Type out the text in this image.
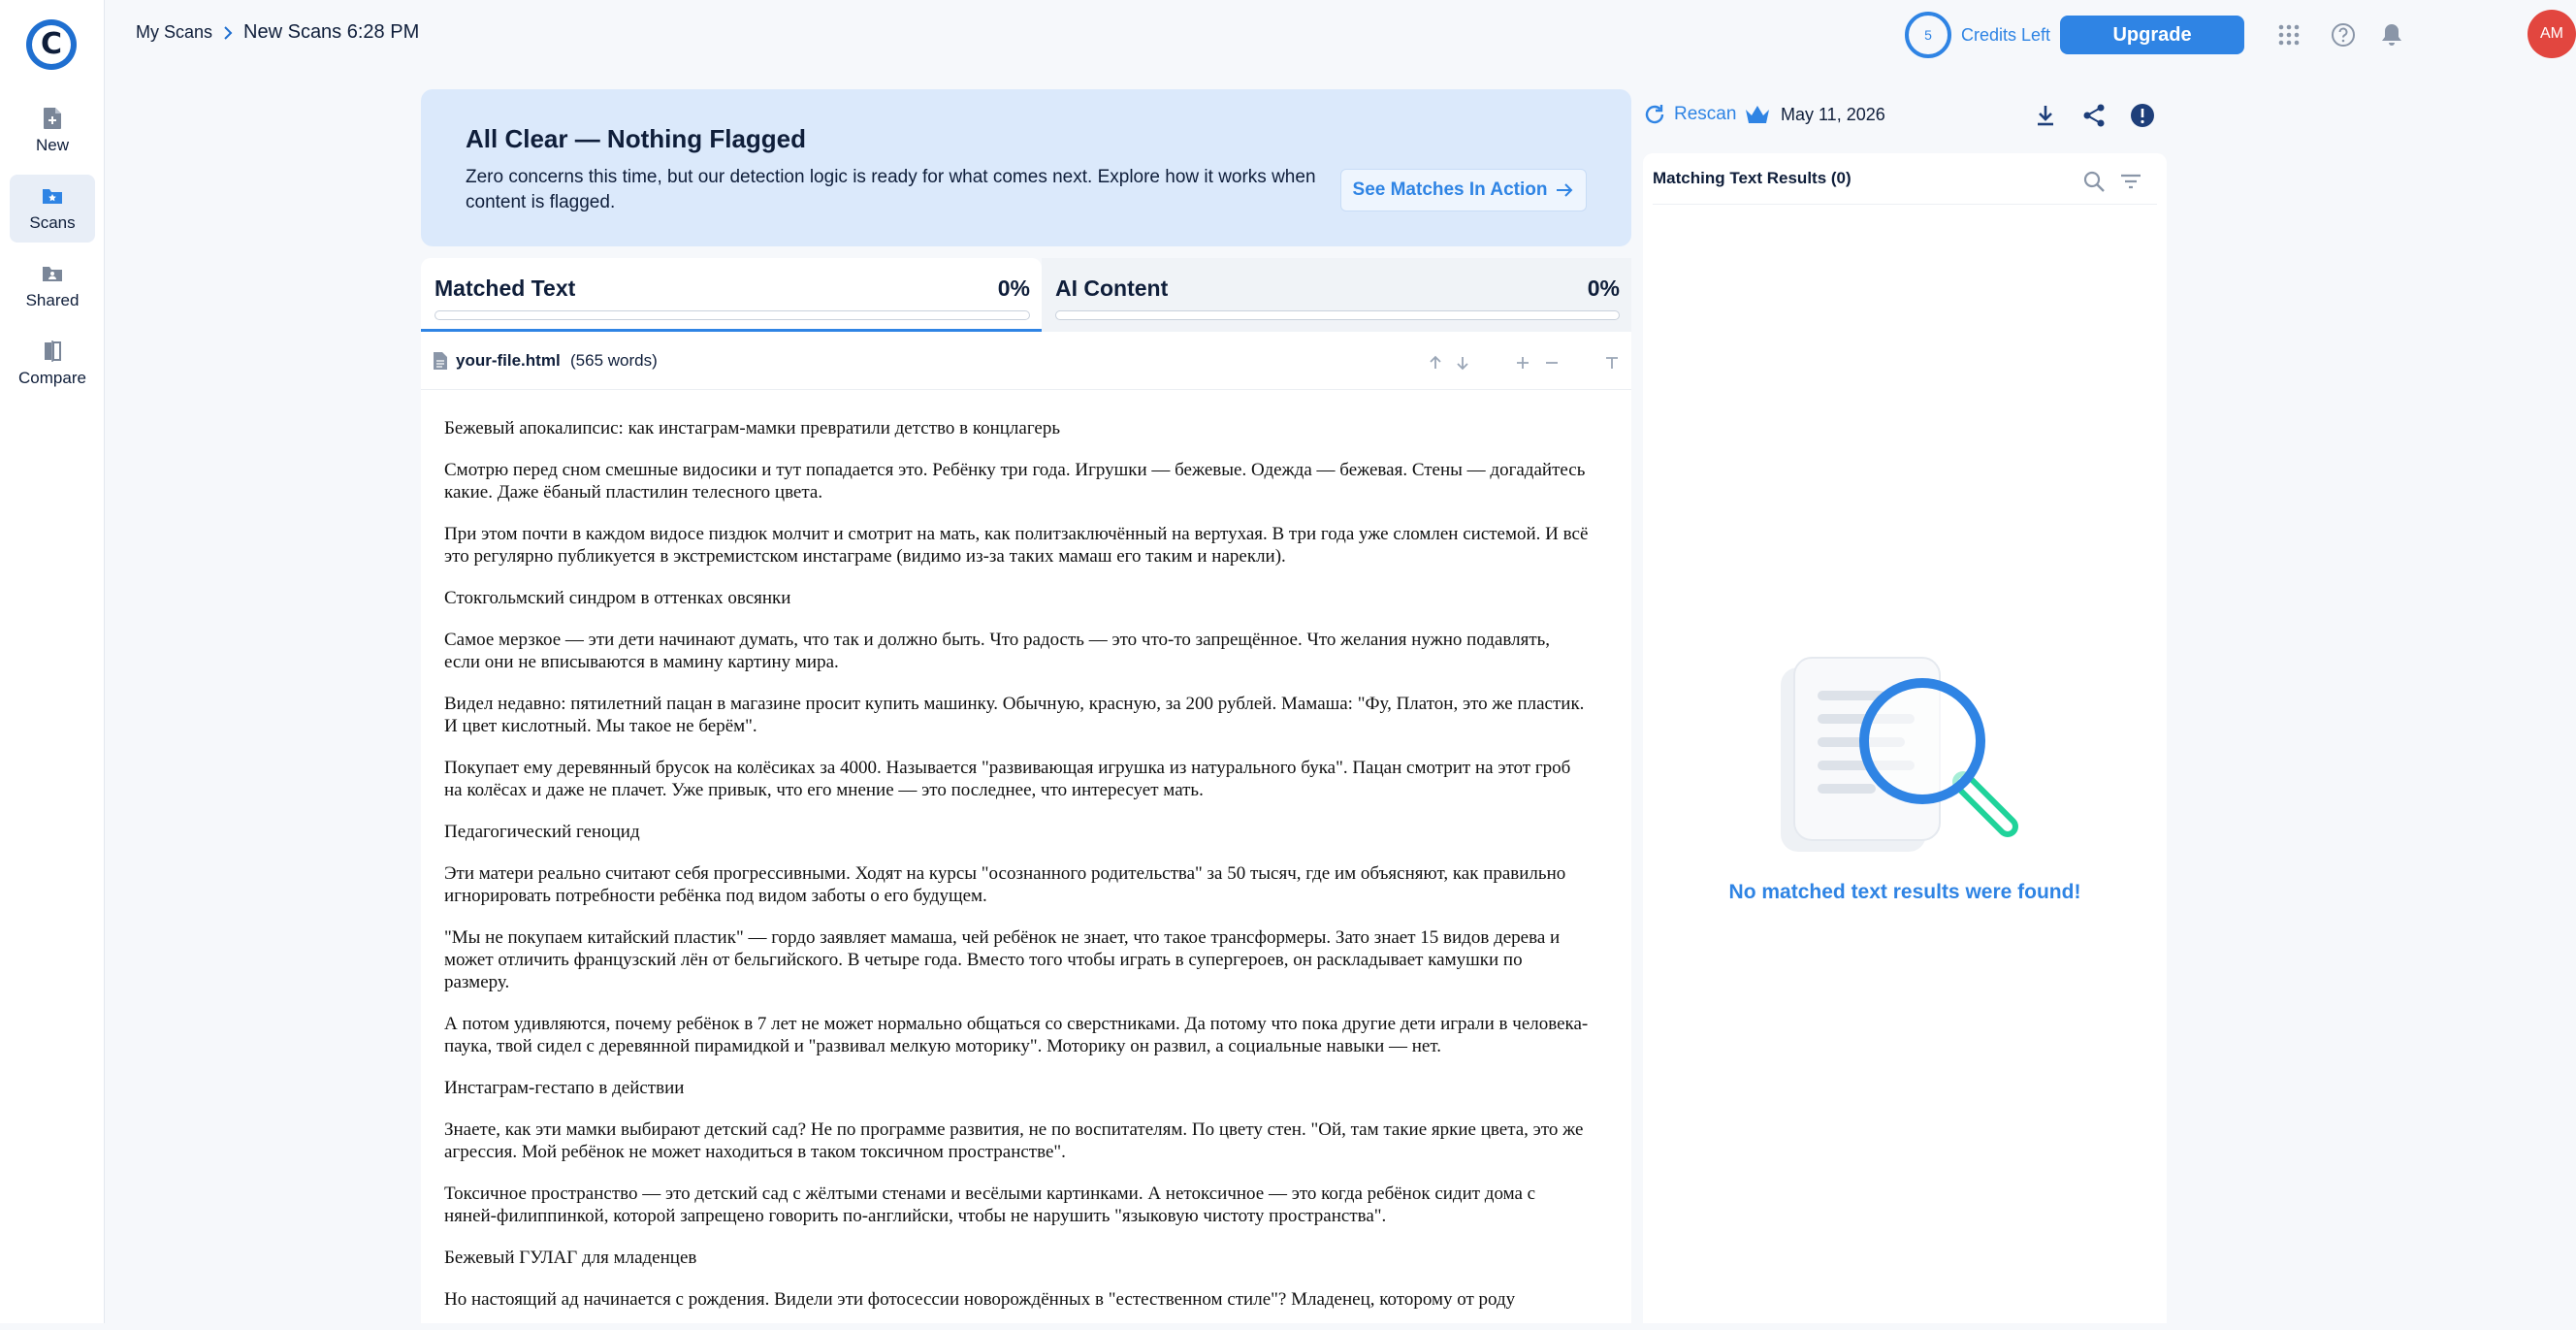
C
New
Scans
Shared
Compare
My Scans New Scans 6:28 PM	5 Credits Left	Upgrade	AM
All Clear — Nothing Flagged
Zero concerns this time, but our detection logic is ready for what comes next. Explore how it works when content is flagged.
See Matches In Action
Matched Text	0% AI Content	0%
your-file.html (565 words)

Бежевый апокалипсис: как инстаграм-мамки превратили детство в концлагерь

Смотрю перед сном смешные видосики и тут попадается это. Ребёнку три года. Игрушки — бежевые. Одежда — бежевая. Стены — догадайтесь какие. Даже ёбаный пластилин телесного цвета.

При этом почти в каждом видосе пиздюк молчит и смотрит на мать, как политзаключённый на вертухая. В три года уже сломлен системой. И всё это регулярно публикуется в экстремистском инстаграме (видимо из-за таких мамаш его таким и нарекли).

Стокгольмский синдром в оттенках овсянки

Самое мерзкое — эти дети начинают думать, что так и должно быть. Что радость — это что-то запрещённое. Что желания нужно подавлять, если они не вписываются в мамину картину мира.

Видел недавно: пятилетний пацан в магазине просит купить машинку. Обычную, красную, за 200 рублей. Мамаша: "Фу, Платон, это же пластик. И цвет кислотный. Мы такое не берём".

Покупает ему деревянный брусок на колёсиках за 4000. Называется "развивающая игрушка из натурального бука". Пацан смотрит на этот гроб на колёсах и даже не плачет. Уже привык, что его мнение — это последнее, что интересует мать.

Педагогический геноцид

Эти матери реально считают себя прогрессивными. Ходят на курсы "осознанного родительства" за 50 тысяч, где им объясняют, как правильно игнорировать потребности ребёнка под видом заботы о его будущем.

"Мы не покупаем китайский пластик" — гордо заявляет мамаша, чей ребёнок не знает, что такое трансформеры. Зато знает 15 видов дерева и может отличить французский лён от бельгийского. В четыре года. Вместо того чтобы играть в супергероев, он раскладывает камушки по размеру.

А потом удивляются, почему ребёнок в 7 лет не может нормально общаться со сверстниками. Да потому что пока другие дети играли в человека-паука, твой сидел с деревянной пирамидкой и "развивал мелкую моторику". Моторику он развил, а социальные навыки — нет.

Инстаграм-гестапо в действии

Знаете, как эти мамки выбирают детский сад? Не по программе развития, не по воспитателям. По цвету стен. "Ой, там такие яркие цвета, это же агрессия. Мой ребёнок не может находиться в таком токсичном пространстве".

Токсичное пространство — это детский сад с жёлтыми стенами и весёлыми картинками. А нетоксичное — это когда ребёнок сидит дома с няней-филиппинкой, которой запрещено говорить по-английски, чтобы не нарушить "языковую чистоту пространства".

Бежевый ГУЛАГ для младенцев

Но настоящий ад начинается с рождения. Видели эти фотосессии новорождённых в "естественном стиле"? Младенец, которому от роду

Rescan	May 11, 2026
Matching Text Results (0)
No matched text results were found!
